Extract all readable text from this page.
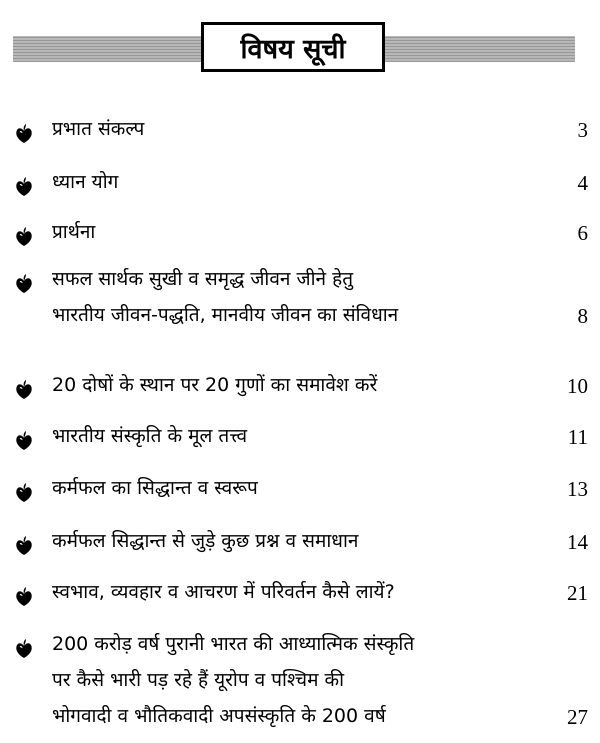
विषय सूची
प्रभात संकल्प	3
ध्यान योग	4
प्रार्थना	6
सफल सार्थक सुखी व समृद्ध जीवन जीने हेतु
भारतीय जीवन-पद्धति, मानवीय जीवन का संविधान	8
20 दोषों के स्थान पर 20 गुणों का समावेश करें	10
भारतीय संस्कृति के मूल तत्त्व	11
कर्मफल का सिद्धान्त व स्वरूप	13
कर्मफल सिद्धान्त से जुड़े कुछ प्रश्न व समाधान	14
स्वभाव, व्यवहार व आचरण में परिवर्तन कैसे लायें?	21
200 करोड़ वर्ष पुरानी भारत की आध्यात्मिक संस्कृति
पर कैसे भारी पड़ रहे हैं यूरोप व पश्चिम की
भोगवादी व भौतिकवादी अपसंस्कृति के 200 वर्ष	27
